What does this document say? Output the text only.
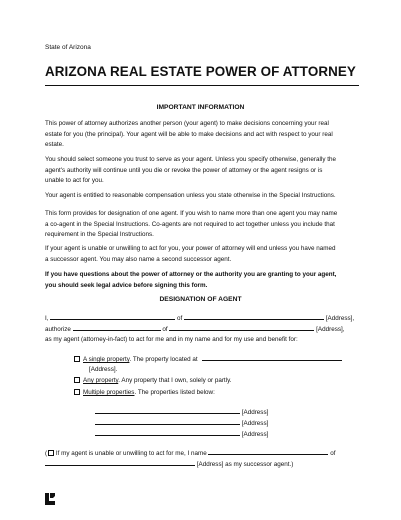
State of Arizona
ARIZONA REAL ESTATE POWER OF ATTORNEY
IMPORTANT INFORMATION
This power of attorney authorizes another person (your agent) to make decisions concerning your real
estate for you (the principal). Your agent will be able to make decisions and act with respect to your real
estate.
You should select someone you trust to serve as your agent. Unless you specify otherwise, generally the
agent's authority will continue until you die or revoke the power of attorney or the agent resigns or is
unable to act for you.
Your agent is entitled to reasonable compensation unless you state otherwise in the Special Instructions.
This form provides for designation of one agent. If you wish to name more than one agent you may name
a co-agent in the Special Instructions. Co-agents are not required to act together unless you include that
requirement in the Special Instructions.
If your agent is unable or unwilling to act for you, your power of attorney will end unless you have named
a successor agent. You may also name a second successor agent.
If you have questions about the power of attorney or the authority you are granting to your agent,
you should seek legal advice before signing this form.
DESIGNATION OF AGENT
I,	of	[Address],
authorize	of	[Address],
as my agent (attorney-in-fact) to act for me and in my name and for my use and benefit for:
A single property. The property located at
[Address].
Any property. Any property that I own, solely or partly.
Multiple properties. The properties listed below:
[Address]
[Address]
[Address]
( If my agent is unable or unwilling to act for me, I name	of
[Address] as my successor agent.)
